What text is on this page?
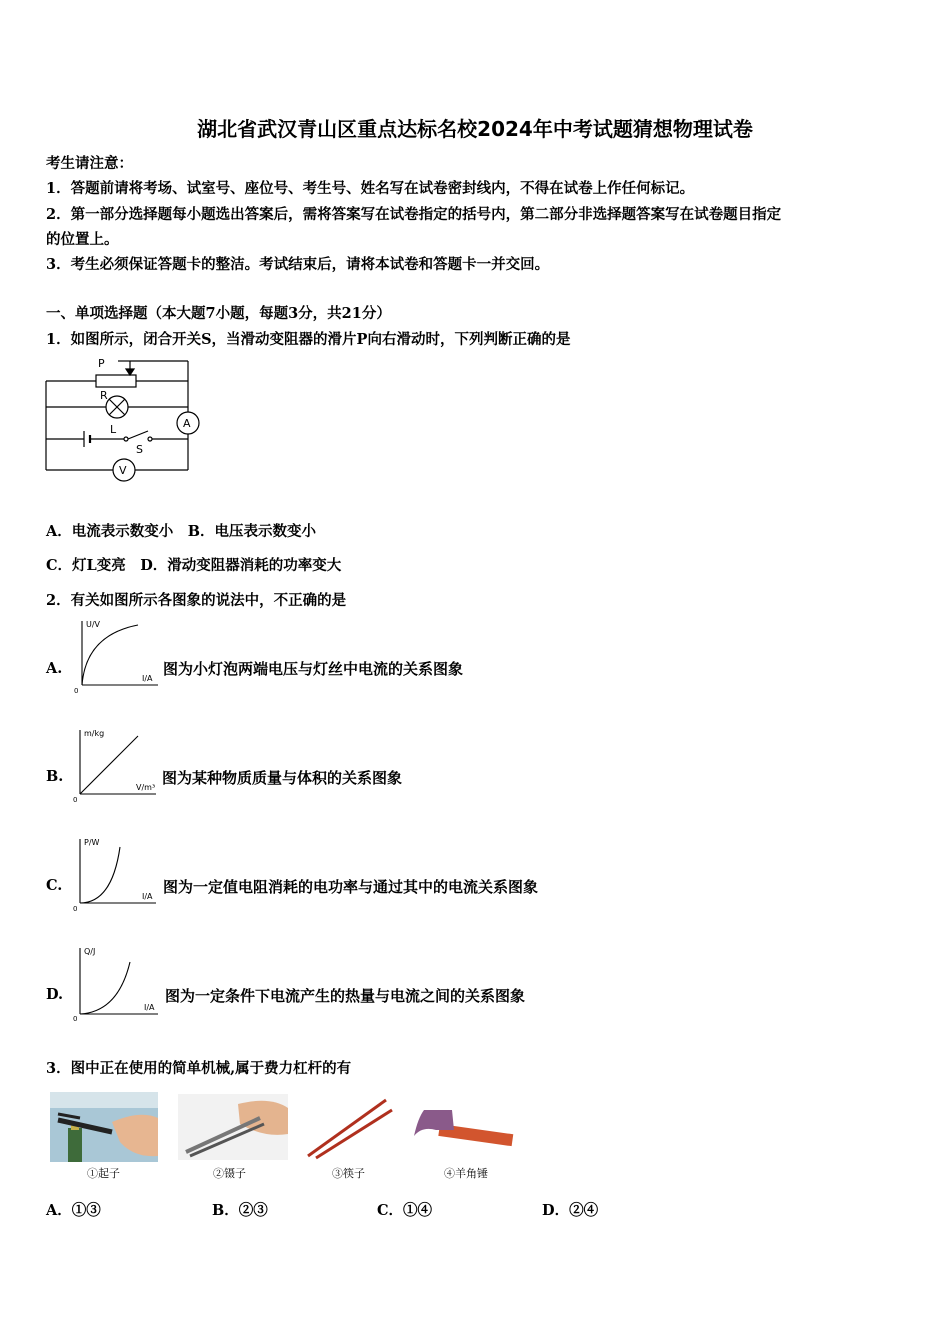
湖北省武汉青山区重点达标名校2024年中考试题猜想物理试卷
考生请注意：
1．答题前请将考场、试室号、座位号、考生号、姓名写在试卷密封线内，不得在试卷上作任何标记。
2．第一部分选择题每小题选出答案后，需将答案写在试卷指定的括号内，第二部分非选择题答案写在试卷题目指定
的位置上。
3．考生必须保证答题卡的整洁。考试结束后，请将本试卷和答题卡一并交回。
一、单项选择题（本大题7小题，每题3分，共21分）
1．如图所示，闭合开关S，当滑动变阻器的滑片P向右滑动时，下列判断正确的是
P
R
L
S
A
V
A．电流表示数变小　B．电压表示数变小
C．灯L变亮　D．滑动变阻器消耗的功率变大
2．有关如图所示各图象的说法中，不正确的是
A.
U/V
I/A
0
图为小灯泡两端电压与灯丝中电流的关系图象
B.
m/kg
V/m³
0
图为某种物质质量与体积的关系图象
C.
P/W
I/A
0
图为一定值电阻消耗的电功率与通过其中的电流关系图象
D.
Q/J
I/A
0
图为一定条件下电流产生的热量与电流之间的关系图象
3．图中正在使用的简单机械,属于费力杠杆的有
①起子	②镊子	③筷子	④羊角锤
A．①③	B．②③	C．①④	D．②④
